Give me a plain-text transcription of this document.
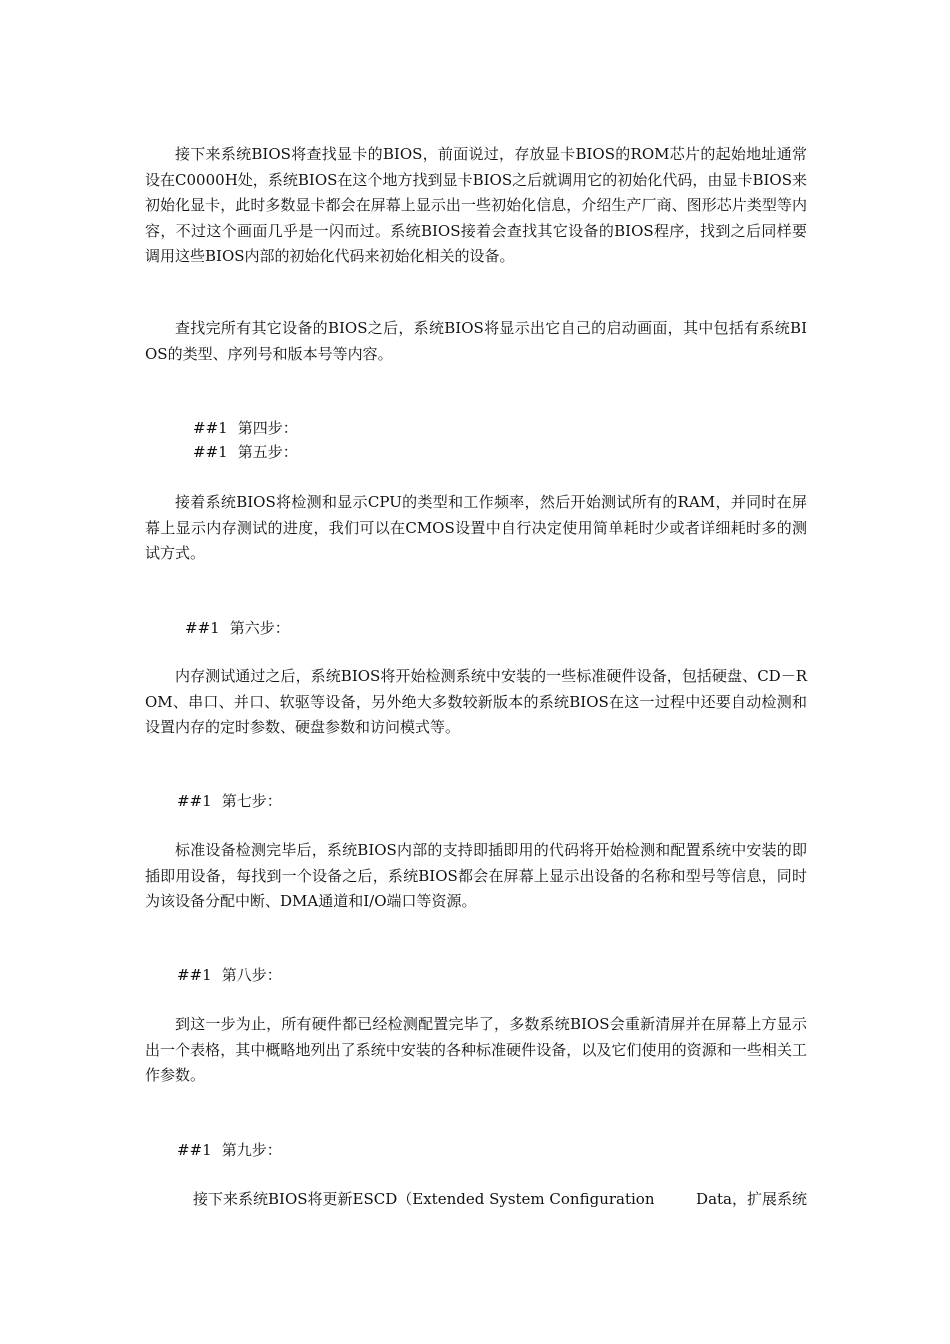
接下来系统BIOS将查找显卡的BIOS，前面说过，存放显卡BIOS的ROM芯片的起始地址通常设在C0000H处，系统BIOS在这个地方找到显卡BIOS之后就调用它的初始化代码，由显卡BIOS来初始化显卡，此时多数显卡都会在屏幕上显示出一些初始化信息，介绍生产厂商、图形芯片类型等内容，不过这个画面几乎是一闪而过。系统BIOS接着会查找其它设备的BIOS程序，找到之后同样要调用这些BIOS内部的初始化代码来初始化相关的设备。

查找完所有其它设备的BIOS之后，系统BIOS将显示出它自己的启动画面，其中包括有系统BIOS的类型、序列号和版本号等内容。

##1 第四步：
##1 第五步：

接着系统BIOS将检测和显示CPU的类型和工作频率，然后开始测试所有的RAM，并同时在屏幕上显示内存测试的进度，我们可以在CMOS设置中自行决定使用简单耗时少或者详细耗时多的测试方式。

##1 第六步：

内存测试通过之后，系统BIOS将开始检测系统中安装的一些标准硬件设备，包括硬盘、CD－ROM、串口、并口、软驱等设备，另外绝大多数较新版本的系统BIOS在这一过程中还要自动检测和设置内存的定时参数、硬盘参数和访问模式等。

##1 第七步：

标准设备检测完毕后，系统BIOS内部的支持即插即用的代码将开始检测和配置系统中安装的即插即用设备，每找到一个设备之后，系统BIOS都会在屏幕上显示出设备的名称和型号等信息，同时为该设备分配中断、DMA通道和I/O端口等资源。

##1 第八步：

到这一步为止，所有硬件都已经检测配置完毕了，多数系统BIOS会重新清屏并在屏幕上方显示出一个表格，其中概略地列出了系统中安装的各种标准硬件设备，以及它们使用的资源和一些相关工作参数。

##1 第九步：
接下来系统BIOS将更新ESCD（Extended System Configuration	Data，扩展系统
